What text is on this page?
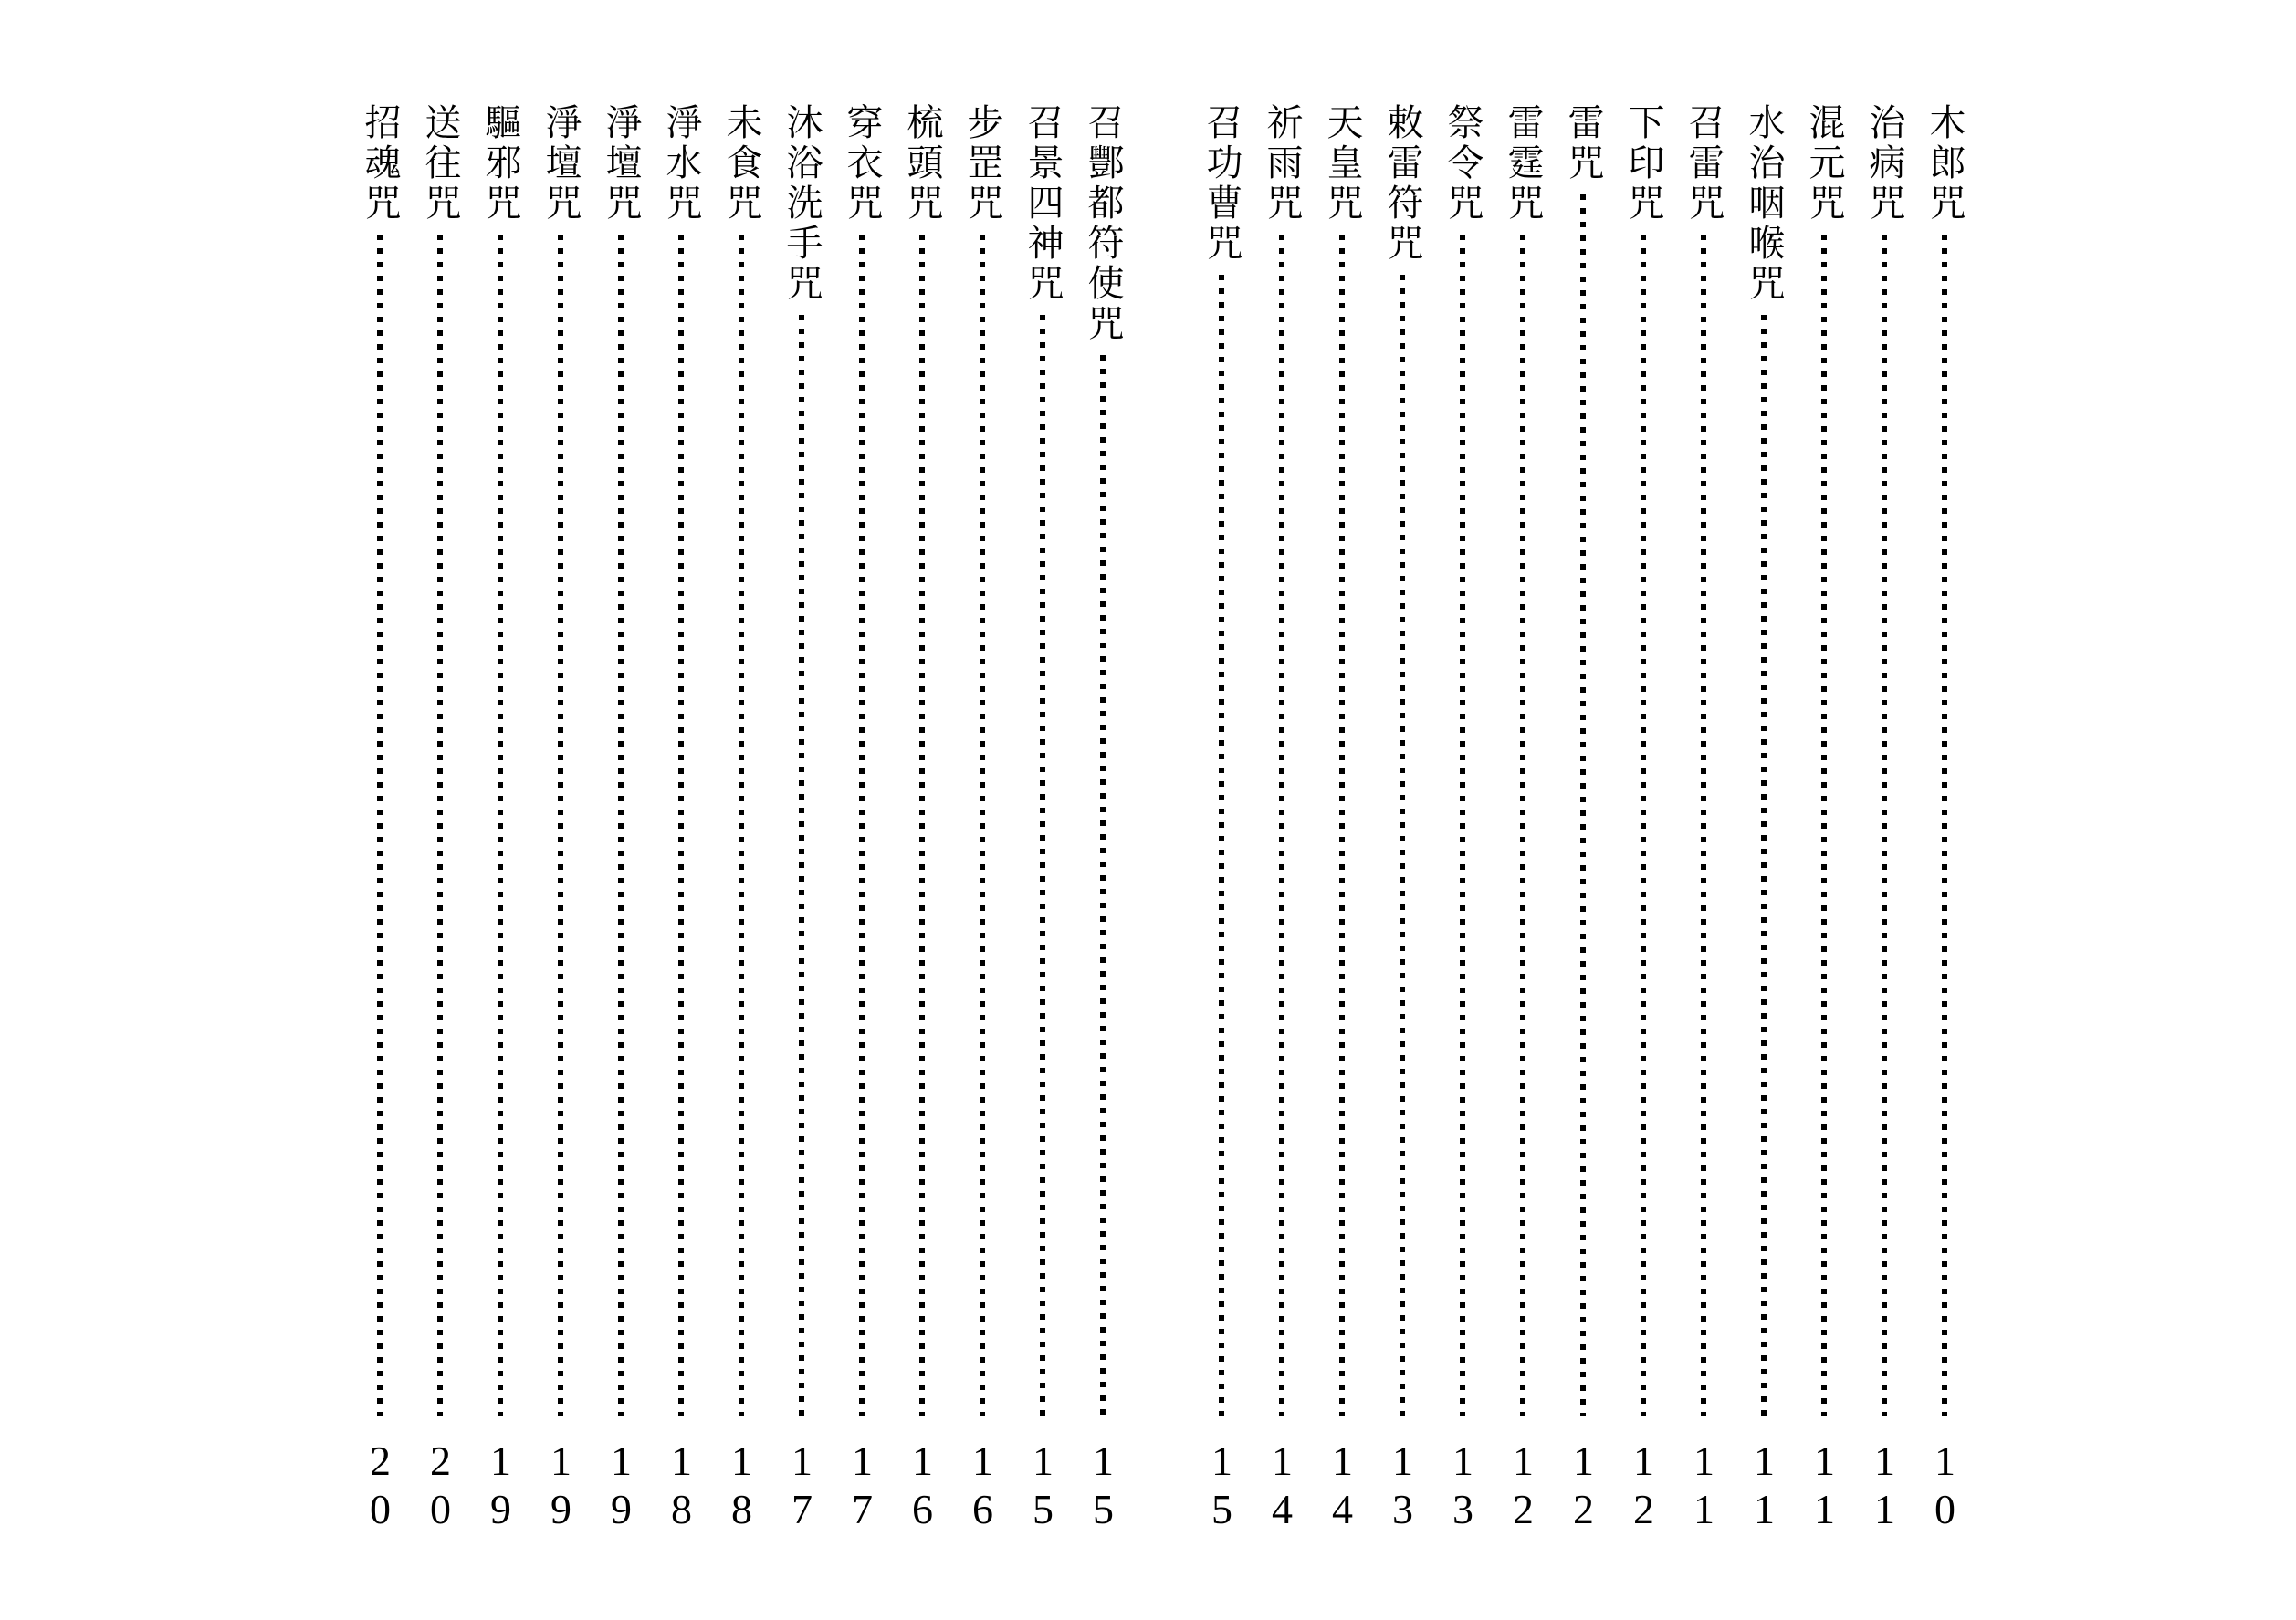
木郎咒
10
治病咒
11
混元咒
11
水治咽喉咒
11
召雷咒
11
下印咒
12
雷咒
12
雷霆咒
12
祭令咒
13
敕雷符咒
13
天皇咒
14
祈雨咒
14
召功曹咒
15
召酆都符使咒
15
召景四神咒
15
步罡咒
16
梳頭咒
16
穿衣咒
17
沐浴洗手咒
17
未食咒
18
淨水咒
18
淨壇咒
19
淨壇咒
19
驅邪咒
19
送往咒
20
招魂咒
20
